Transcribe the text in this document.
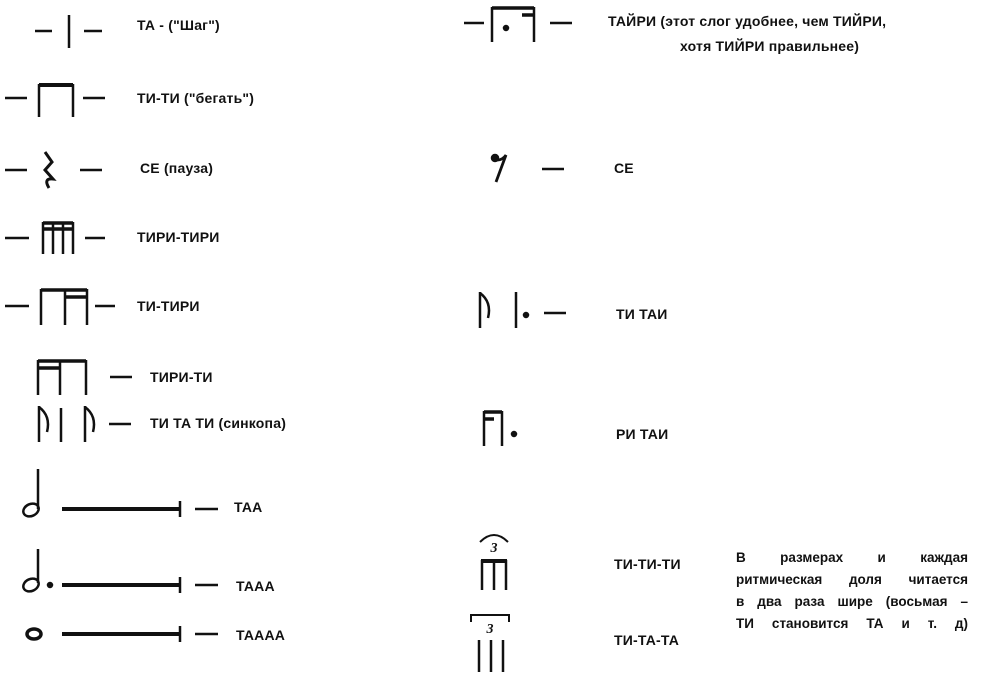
ТА - ("Шаг")
ТИ-ТИ ("бегать")
СЕ (пауза)
ТИРИ-ТИРИ
ТИ-ТИРИ
ТИРИ-ТИ
ТИ ТА ТИ (синкопа)
ТАА
ТААА
ТАААА
ТАЙРИ (этот слог удобнее, чем ТИЙРИ,
хотя ТИЙРИ правильнее)
СЕ
ТИ ТАИ
РИ ТАИ
3
ТИ-ТИ-ТИ
3
ТИ-ТА-ТА
В размерах и каждая
ритмическая доля читается
в два раза шире (восьмая –
ТИ становится ТА и т. д)
